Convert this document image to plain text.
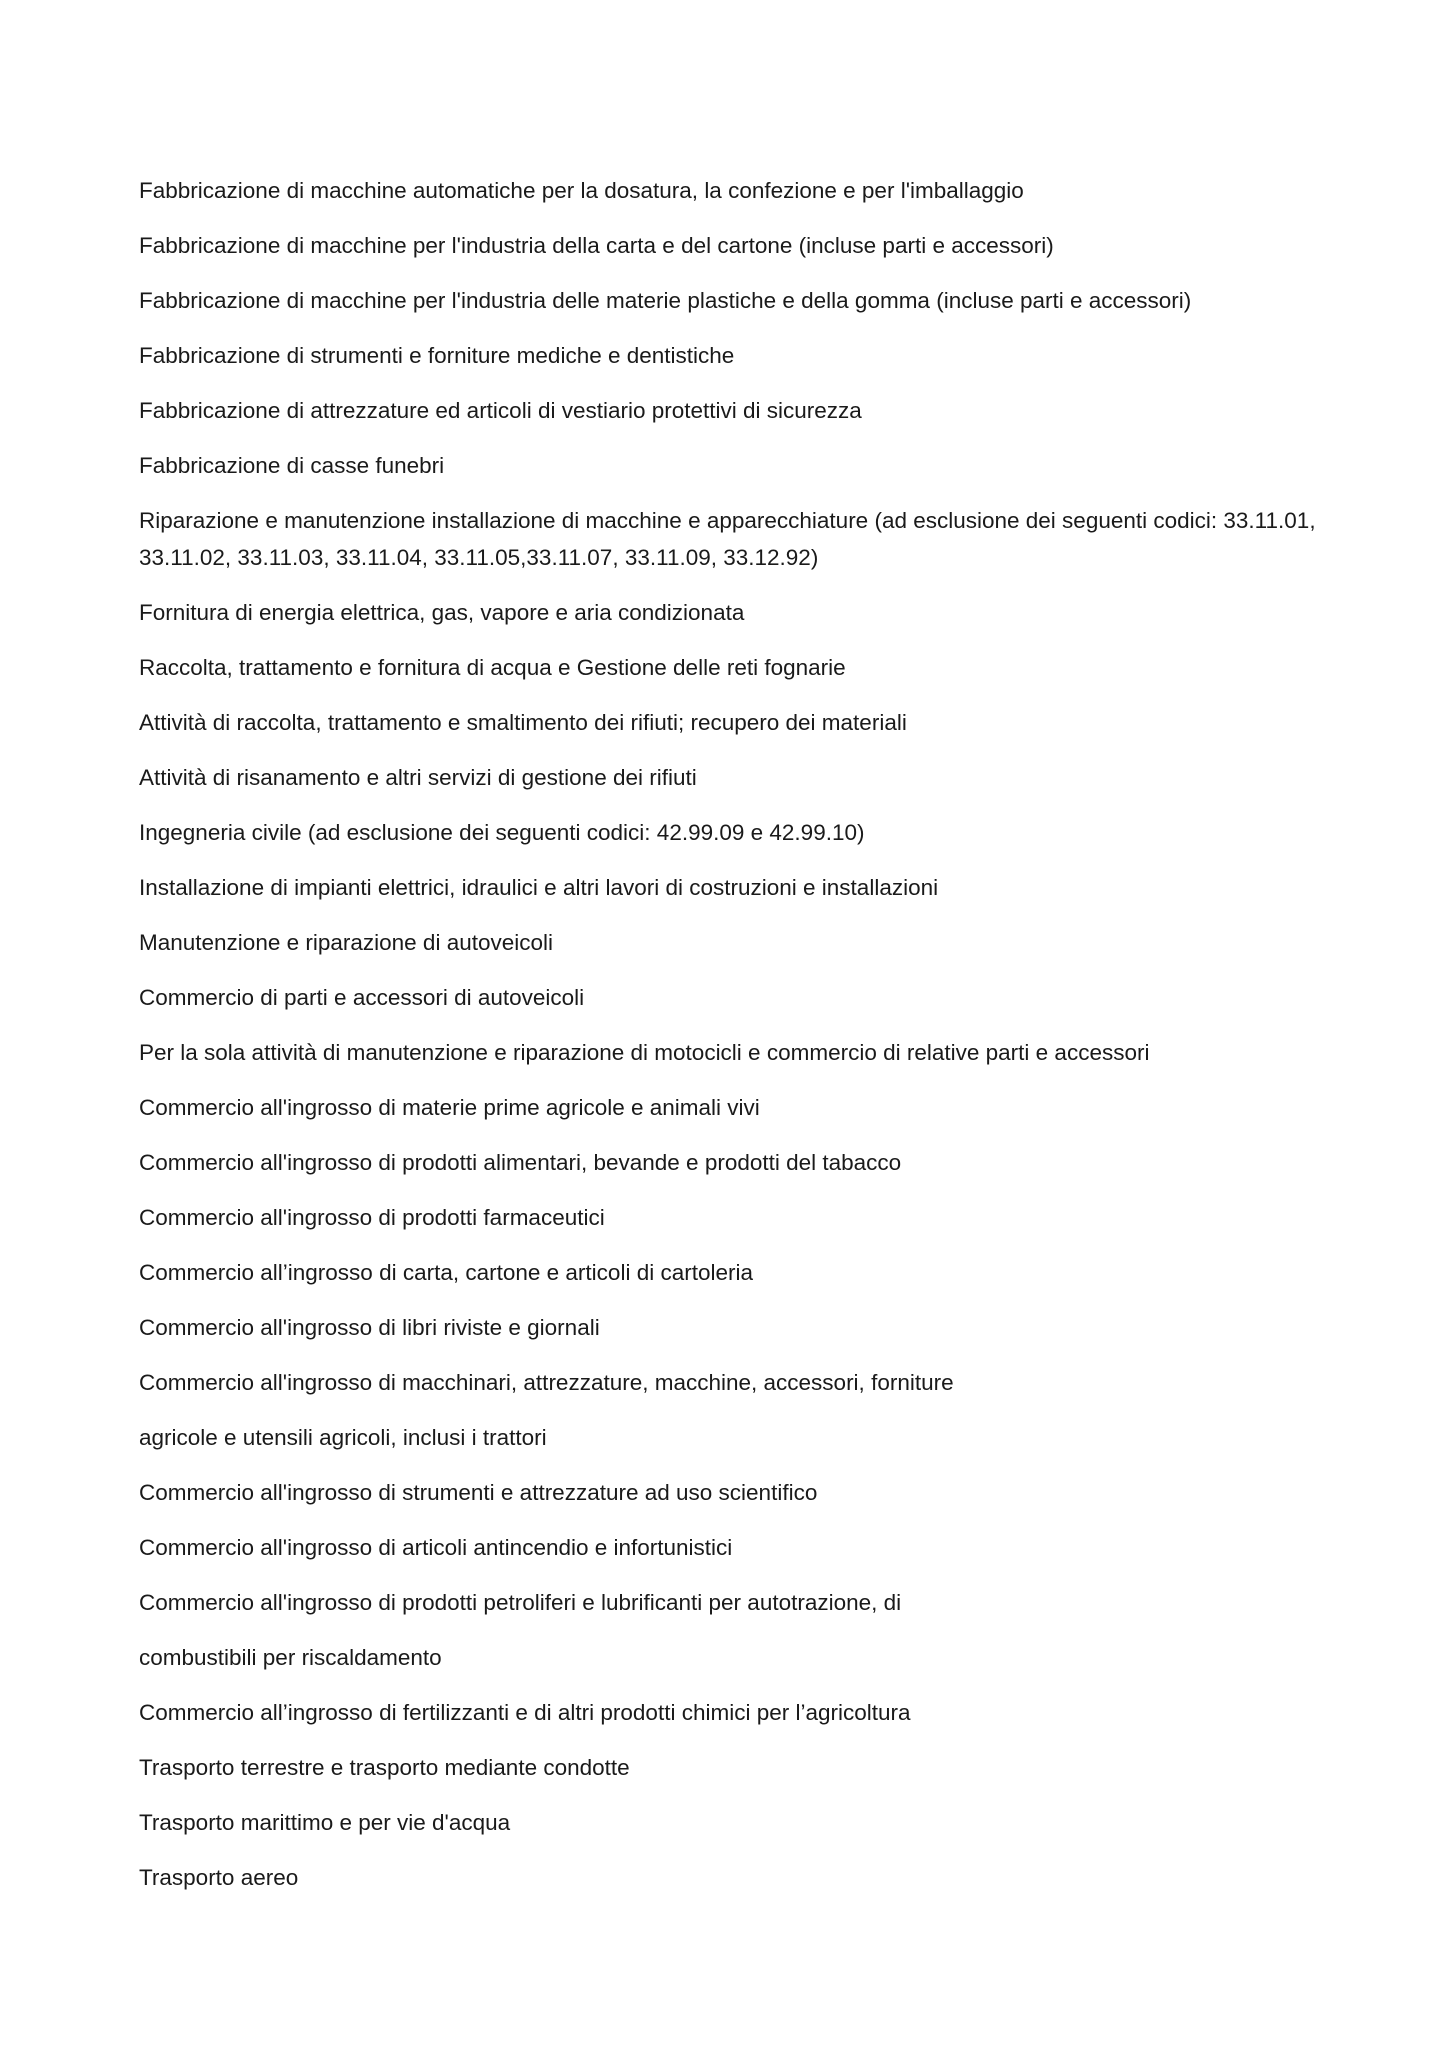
Fabbricazione di macchine automatiche per la dosatura, la confezione e per l'imballaggio

Fabbricazione di macchine per l'industria della carta e del cartone (incluse parti e accessori)

Fabbricazione di macchine per l'industria delle materie plastiche e della gomma (incluse parti e accessori)

Fabbricazione di strumenti e forniture mediche e dentistiche

Fabbricazione di attrezzature ed articoli di vestiario protettivi di sicurezza

Fabbricazione di casse funebri

Riparazione e manutenzione installazione di macchine e apparecchiature (ad esclusione dei seguenti codici: 33.11.01, 33.11.02, 33.11.03, 33.11.04, 33.11.05,33.11.07, 33.11.09, 33.12.92)

Fornitura di energia elettrica, gas, vapore e aria condizionata

Raccolta, trattamento e fornitura di acqua e Gestione delle reti fognarie

Attività di raccolta, trattamento e smaltimento dei rifiuti; recupero dei materiali

Attività di risanamento e altri servizi di gestione dei rifiuti

Ingegneria civile (ad esclusione dei seguenti codici: 42.99.09 e 42.99.10)

Installazione di impianti elettrici, idraulici e altri lavori di costruzioni e installazioni

Manutenzione e riparazione di autoveicoli

Commercio di parti e accessori di autoveicoli

Per la sola attività di manutenzione e riparazione di motocicli e commercio di relative parti e accessori

Commercio all'ingrosso di materie prime agricole e animali vivi

Commercio all'ingrosso di prodotti alimentari, bevande e prodotti del tabacco

Commercio all'ingrosso di prodotti farmaceutici

Commercio all’ingrosso di carta, cartone e articoli di cartoleria

Commercio all'ingrosso di libri riviste e giornali

Commercio all'ingrosso di macchinari, attrezzature, macchine, accessori, forniture

agricole e utensili agricoli, inclusi i trattori

Commercio all'ingrosso di strumenti e attrezzature ad uso scientifico

Commercio all'ingrosso di articoli antincendio e infortunistici

Commercio all'ingrosso di prodotti petroliferi e lubrificanti per autotrazione, di

combustibili per riscaldamento

Commercio all’ingrosso di fertilizzanti e di altri prodotti chimici per l’agricoltura

Trasporto terrestre e trasporto mediante condotte

Trasporto marittimo e per vie d'acqua

Trasporto aereo
